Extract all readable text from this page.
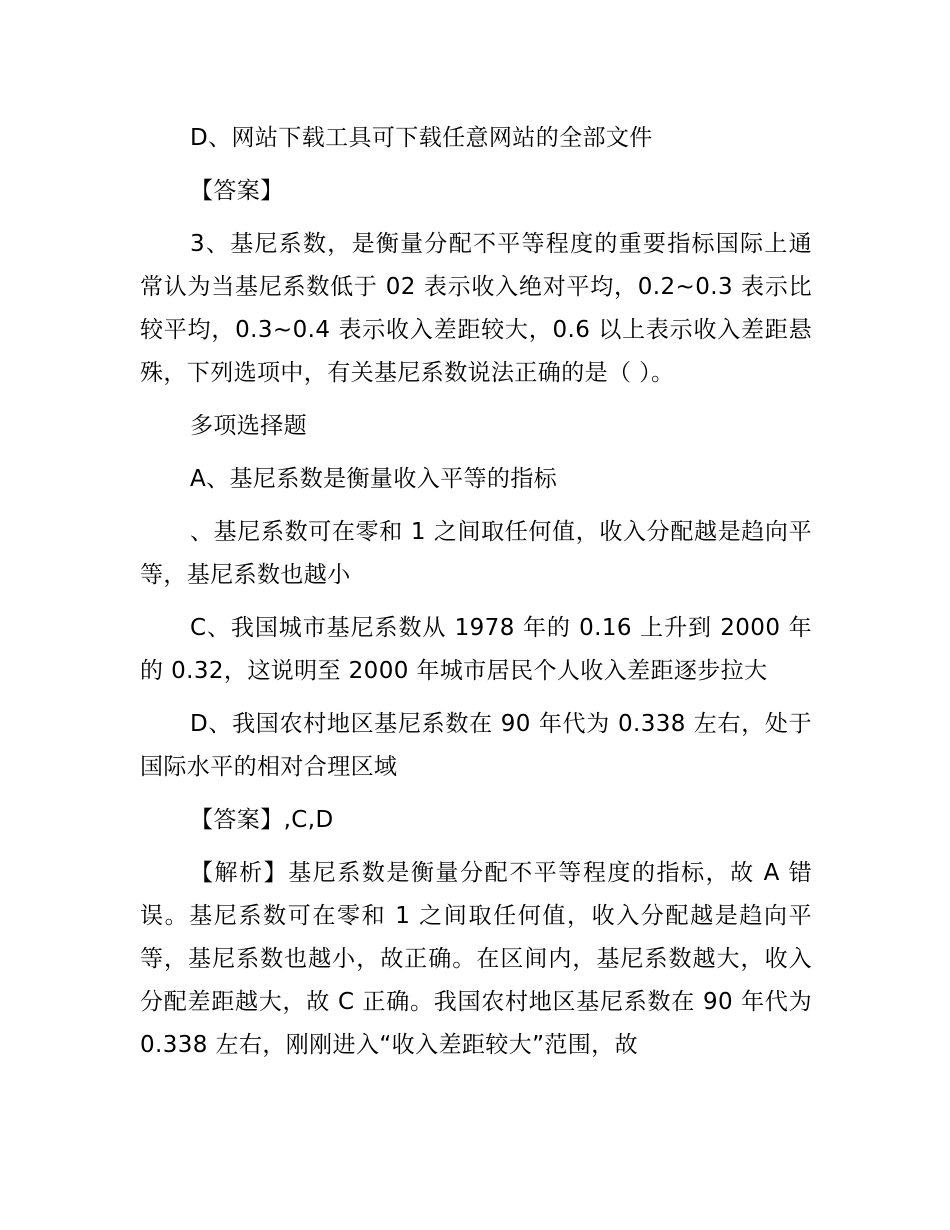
D、网站下载工具可下载任意网站的全部文件

【答案】

3、基尼系数，是衡量分配不平等程度的重要指标国际上通常认为当基尼系数低于 02 表示收入绝对平均，0.2~0.3 表示比较平均，0.3~0.4 表示收入差距较大，0.6 以上表示收入差距悬殊，下列选项中，有关基尼系数说法正确的是（ ）。

多项选择题

A、基尼系数是衡量收入平等的指标

、基尼系数可在零和 1 之间取任何值，收入分配越是趋向平等，基尼系数也越小

C、我国城市基尼系数从 1978 年的 0.16 上升到 2000 年的 0.32，这说明至 2000 年城市居民个人收入差距逐步拉大

D、我国农村地区基尼系数在 90 年代为 0.338 左右，处于国际水平的相对合理区域

【答案】,C,D

【解析】基尼系数是衡量分配不平等程度的指标，故 A 错误。基尼系数可在零和 1 之间取任何值，收入分配越是趋向平等，基尼系数也越小，故正确。在区间内，基尼系数越大，收入分配差距越大，故 C 正确。我国农村地区基尼系数在 90 年代为 0.338 左右，刚刚进入“收入差距较大”范围，故
